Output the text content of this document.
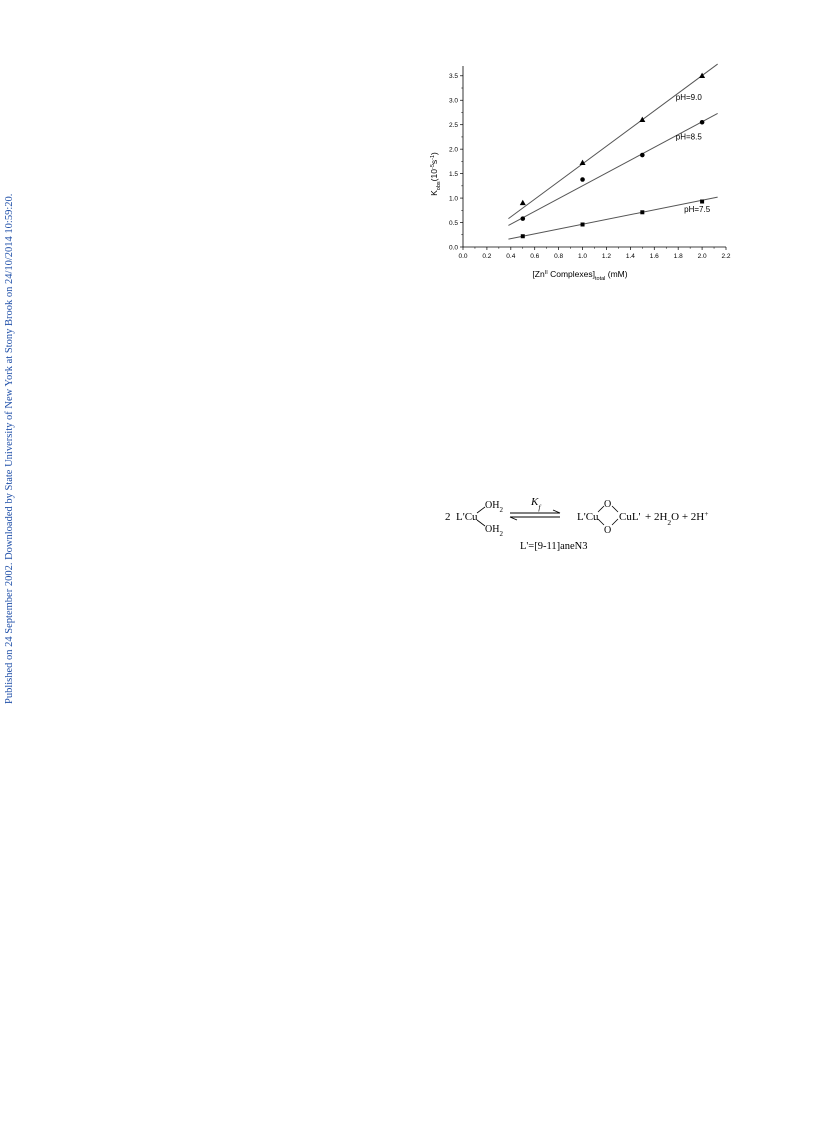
Published on 24 September 2002. Downloaded by State University of New York at Stony Brook on 24/10/2014 10:59:20.	0.0 0.2 0.4 0.6 0.8 1.0 1.2 1.4 1.6 1.8 2.0 2.2
0.0
0.5
1.0
1.5
2.0
2.5
3.0
3.5
pH=9.0
pH=8.5
pH=7.5
[$Zn^{II}$ $Complexes]_{total}$ (mM)
$K_{obs}(10^{-5}s^{-1})$
2 L'Cu
$OH_2$
$OH_2$
$K_f$
L'Cu
O
O
$CuL' + 2H_2O + 2H^+$
L'=[9-11]aneN3
